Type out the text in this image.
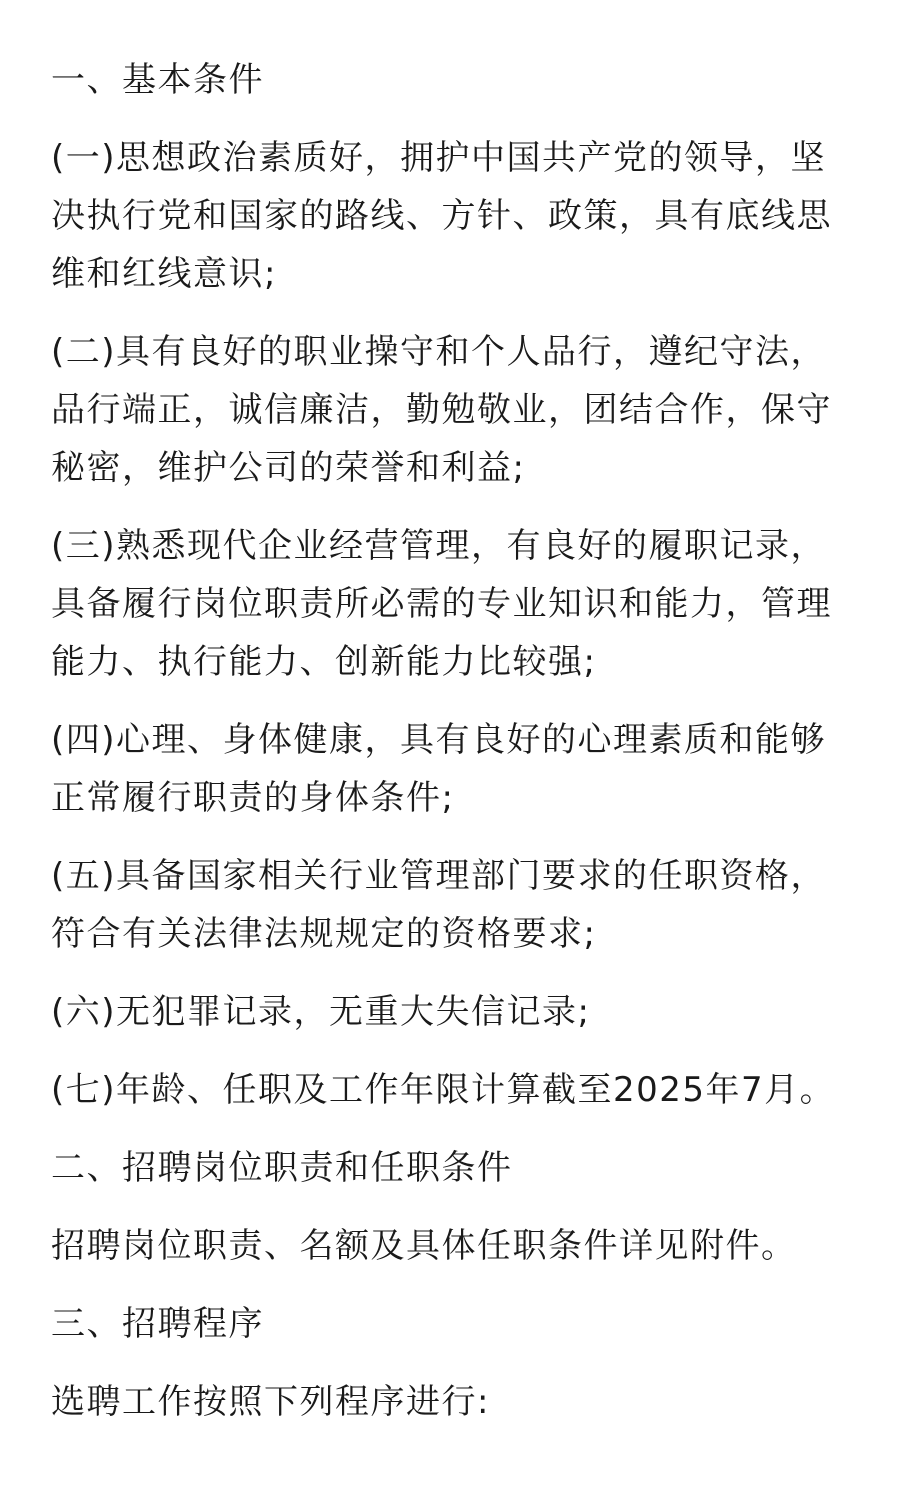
一、基本条件

(一)思想政治素质好，拥护中国共产党的领导，坚决执行党和国家的路线、方针、政策，具有底线思维和红线意识;

(二)具有良好的职业操守和个人品行，遵纪守法，品行端正，诚信廉洁，勤勉敬业，团结合作，保守秘密，维护公司的荣誉和利益;

(三)熟悉现代企业经营管理，有良好的履职记录，具备履行岗位职责所必需的专业知识和能力，管理能力、执行能力、创新能力比较强;

(四)心理、身体健康，具有良好的心理素质和能够正常履行职责的身体条件;

(五)具备国家相关行业管理部门要求的任职资格，符合有关法律法规规定的资格要求;

(六)无犯罪记录，无重大失信记录;

(七)年龄、任职及工作年限计算截至2025年7月。

二、招聘岗位职责和任职条件

招聘岗位职责、名额及具体任职条件详见附件。

三、招聘程序

选聘工作按照下列程序进行:
